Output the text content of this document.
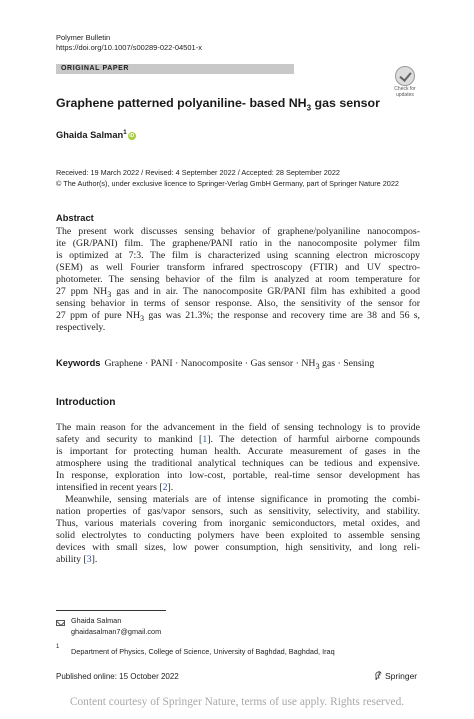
Polymer Bulletin
https://doi.org/10.1007/s00289-022-04501-x
ORIGINAL PAPER
Check for updates
Graphene patterned polyaniline- based $NH_3$ gas sensor
Ghaida Salman$^1$iD
Received: 19 March 2022 / Revised: 4 September 2022 / Accepted: 28 September 2022
© The Author(s), under exclusive licence to Springer-Verlag GmbH Germany, part of Springer Nature 2022
Abstract
The present work discusses sensing behavior of graphene/polyaniline nanocompos-
ite (GR/PANI) film. The graphene/PANI ratio in the nanocomposite polymer film
is optimized at 7:3. The film is characterized using scanning electron microscopy
(SEM) as well Fourier transform infrared spectroscopy (FTIR) and UV spectro-
photometer. The sensing behavior of the film is analyzed at room temperature for
27 ppm $NH_3$ gas and in air. The nanocomposite GR/PANI film has exhibited a good
sensing behavior in terms of sensor response. Also, the sensitivity of the sensor for
27 ppm of pure $NH_3$ gas was 21.3%; the response and recovery time are 38 and 56 s,
respectively.
Keywords Graphene · PANI · Nanocomposite · Gas sensor · $NH_3$ gas · Sensing
Introduction
The main reason for the advancement in the field of sensing technology is to provide
safety and security to mankind [1]. The detection of harmful airborne compounds
is important for protecting human health. Accurate measurement of gases in the
atmosphere using the traditional analytical techniques can be tedious and expensive.
In response, exploration into low-cost, portable, real-time sensor development has
intensified in recent years [2].
Meanwhile, sensing materials are of intense significance in promoting the combi-
nation properties of gas/vapor sensors, such as sensitivity, selectivity, and stability.
Thus, various materials covering from inorganic semiconductors, metal oxides, and
solid electrolytes to conducting polymers have been exploited to assemble sensing
devices with small sizes, low power consumption, high sensitivity, and long reli-
ability [3].
Ghaida Salman
ghaidasalman7@gmail.com
1 Department of Physics, College of Science, University of Baghdad, Baghdad, Iraq
Published online: 15 October 2022	Springer
Content courtesy of Springer Nature, terms of use apply. Rights reserved.
